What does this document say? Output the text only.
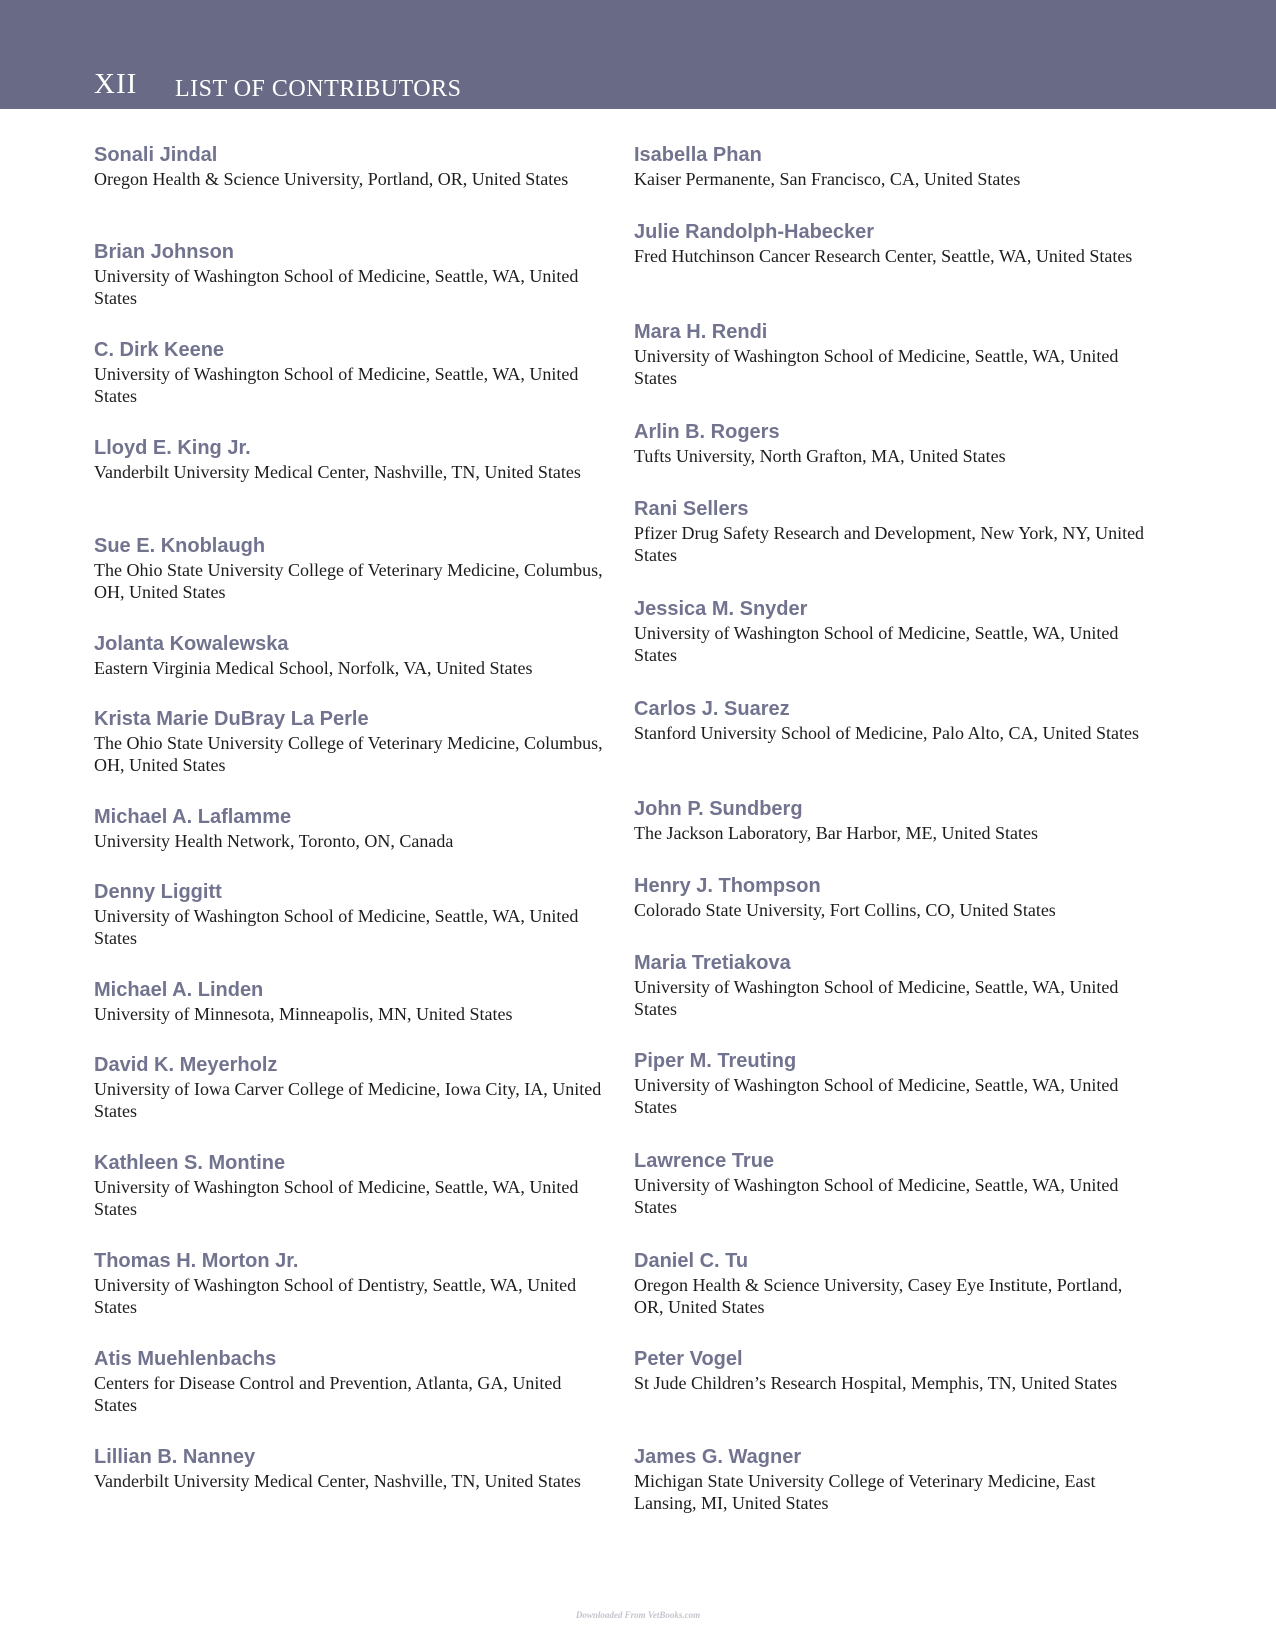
XII LIST OF CONTRIBUTORS
Sonali Jindal
Oregon Health & Science University, Portland, OR, United States
Brian Johnson
University of Washington School of Medicine, Seattle, WA, United States
C. Dirk Keene
University of Washington School of Medicine, Seattle, WA, United States
Lloyd E. King Jr.
Vanderbilt University Medical Center, Nashville, TN, United States
Sue E. Knoblaugh
The Ohio State University College of Veterinary Medicine, Columbus, OH, United States
Jolanta Kowalewska
Eastern Virginia Medical School, Norfolk, VA, United States
Krista Marie DuBray La Perle
The Ohio State University College of Veterinary Medicine, Columbus, OH, United States
Michael A. Laflamme
University Health Network, Toronto, ON, Canada
Denny Liggitt
University of Washington School of Medicine, Seattle, WA, United States
Michael A. Linden
University of Minnesota, Minneapolis, MN, United States
David K. Meyerholz
University of Iowa Carver College of Medicine, Iowa City, IA, United States
Kathleen S. Montine
University of Washington School of Medicine, Seattle, WA, United States
Thomas H. Morton Jr.
University of Washington School of Dentistry, Seattle, WA, United States
Atis Muehlenbachs
Centers for Disease Control and Prevention, Atlanta, GA, United States
Lillian B. Nanney
Vanderbilt University Medical Center, Nashville, TN, United States
Isabella Phan
Kaiser Permanente, San Francisco, CA, United States
Julie Randolph-Habecker
Fred Hutchinson Cancer Research Center, Seattle, WA, United States
Mara H. Rendi
University of Washington School of Medicine, Seattle, WA, United States
Arlin B. Rogers
Tufts University, North Grafton, MA, United States
Rani Sellers
Pfizer Drug Safety Research and Development, New York, NY, United States
Jessica M. Snyder
University of Washington School of Medicine, Seattle, WA, United States
Carlos J. Suarez
Stanford University School of Medicine, Palo Alto, CA, United States
John P. Sundberg
The Jackson Laboratory, Bar Harbor, ME, United States
Henry J. Thompson
Colorado State University, Fort Collins, CO, United States
Maria Tretiakova
University of Washington School of Medicine, Seattle, WA, United States
Piper M. Treuting
University of Washington School of Medicine, Seattle, WA, United States
Lawrence True
University of Washington School of Medicine, Seattle, WA, United States
Daniel C. Tu
Oregon Health & Science University, Casey Eye Institute, Portland, OR, United States
Peter Vogel
St Jude Children’s Research Hospital, Memphis, TN, United States
James G. Wagner
Michigan State University College of Veterinary Medicine, East Lansing, MI, United States
Downloaded From VetBooks.com
